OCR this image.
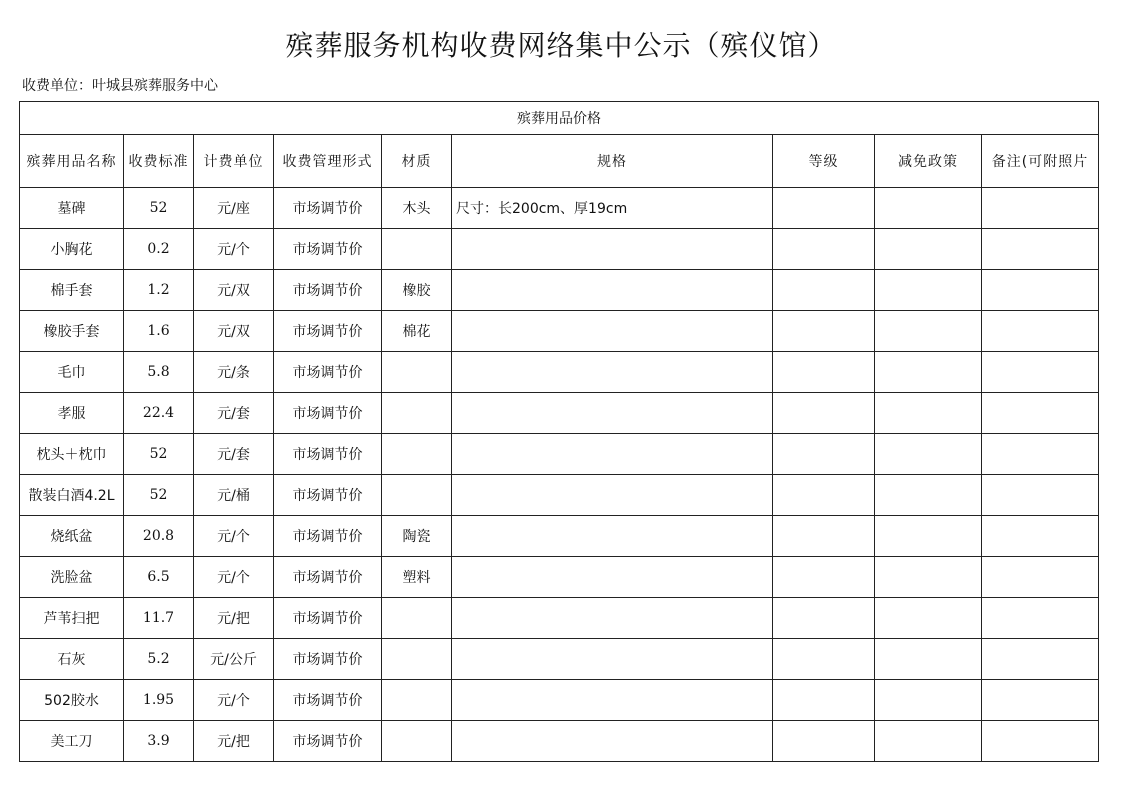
殡葬服务机构收费网络集中公示（殡仪馆）
收费单位：叶城县殡葬服务中心
殡葬用品价格								
殡葬用品名称	收费标准	计费单位	收费管理形式	材质	规格	等级	减免政策	备注(可附照片
墓碑	52	元/座	市场调节价	木头	尺寸：长200cm、厚19cm			
小胸花	0.2	元/个	市场调节价					
棉手套	1.2	元/双	市场调节价	橡胶				
橡胶手套	1.6	元/双	市场调节价	棉花				
毛巾	5.8	元/条	市场调节价					
孝服	22.4	元/套	市场调节价					
枕头＋枕巾	52	元/套	市场调节价					
散装白酒4.2L	52	元/桶	市场调节价					
烧纸盆	20.8	元/个	市场调节价	陶瓷				
洗脸盆	6.5	元/个	市场调节价	塑料				
芦苇扫把	11.7	元/把	市场调节价					
石灰	5.2	元/公斤	市场调节价					
502胶水	1.95	元/个	市场调节价					
美工刀	3.9	元/把	市场调节价					
